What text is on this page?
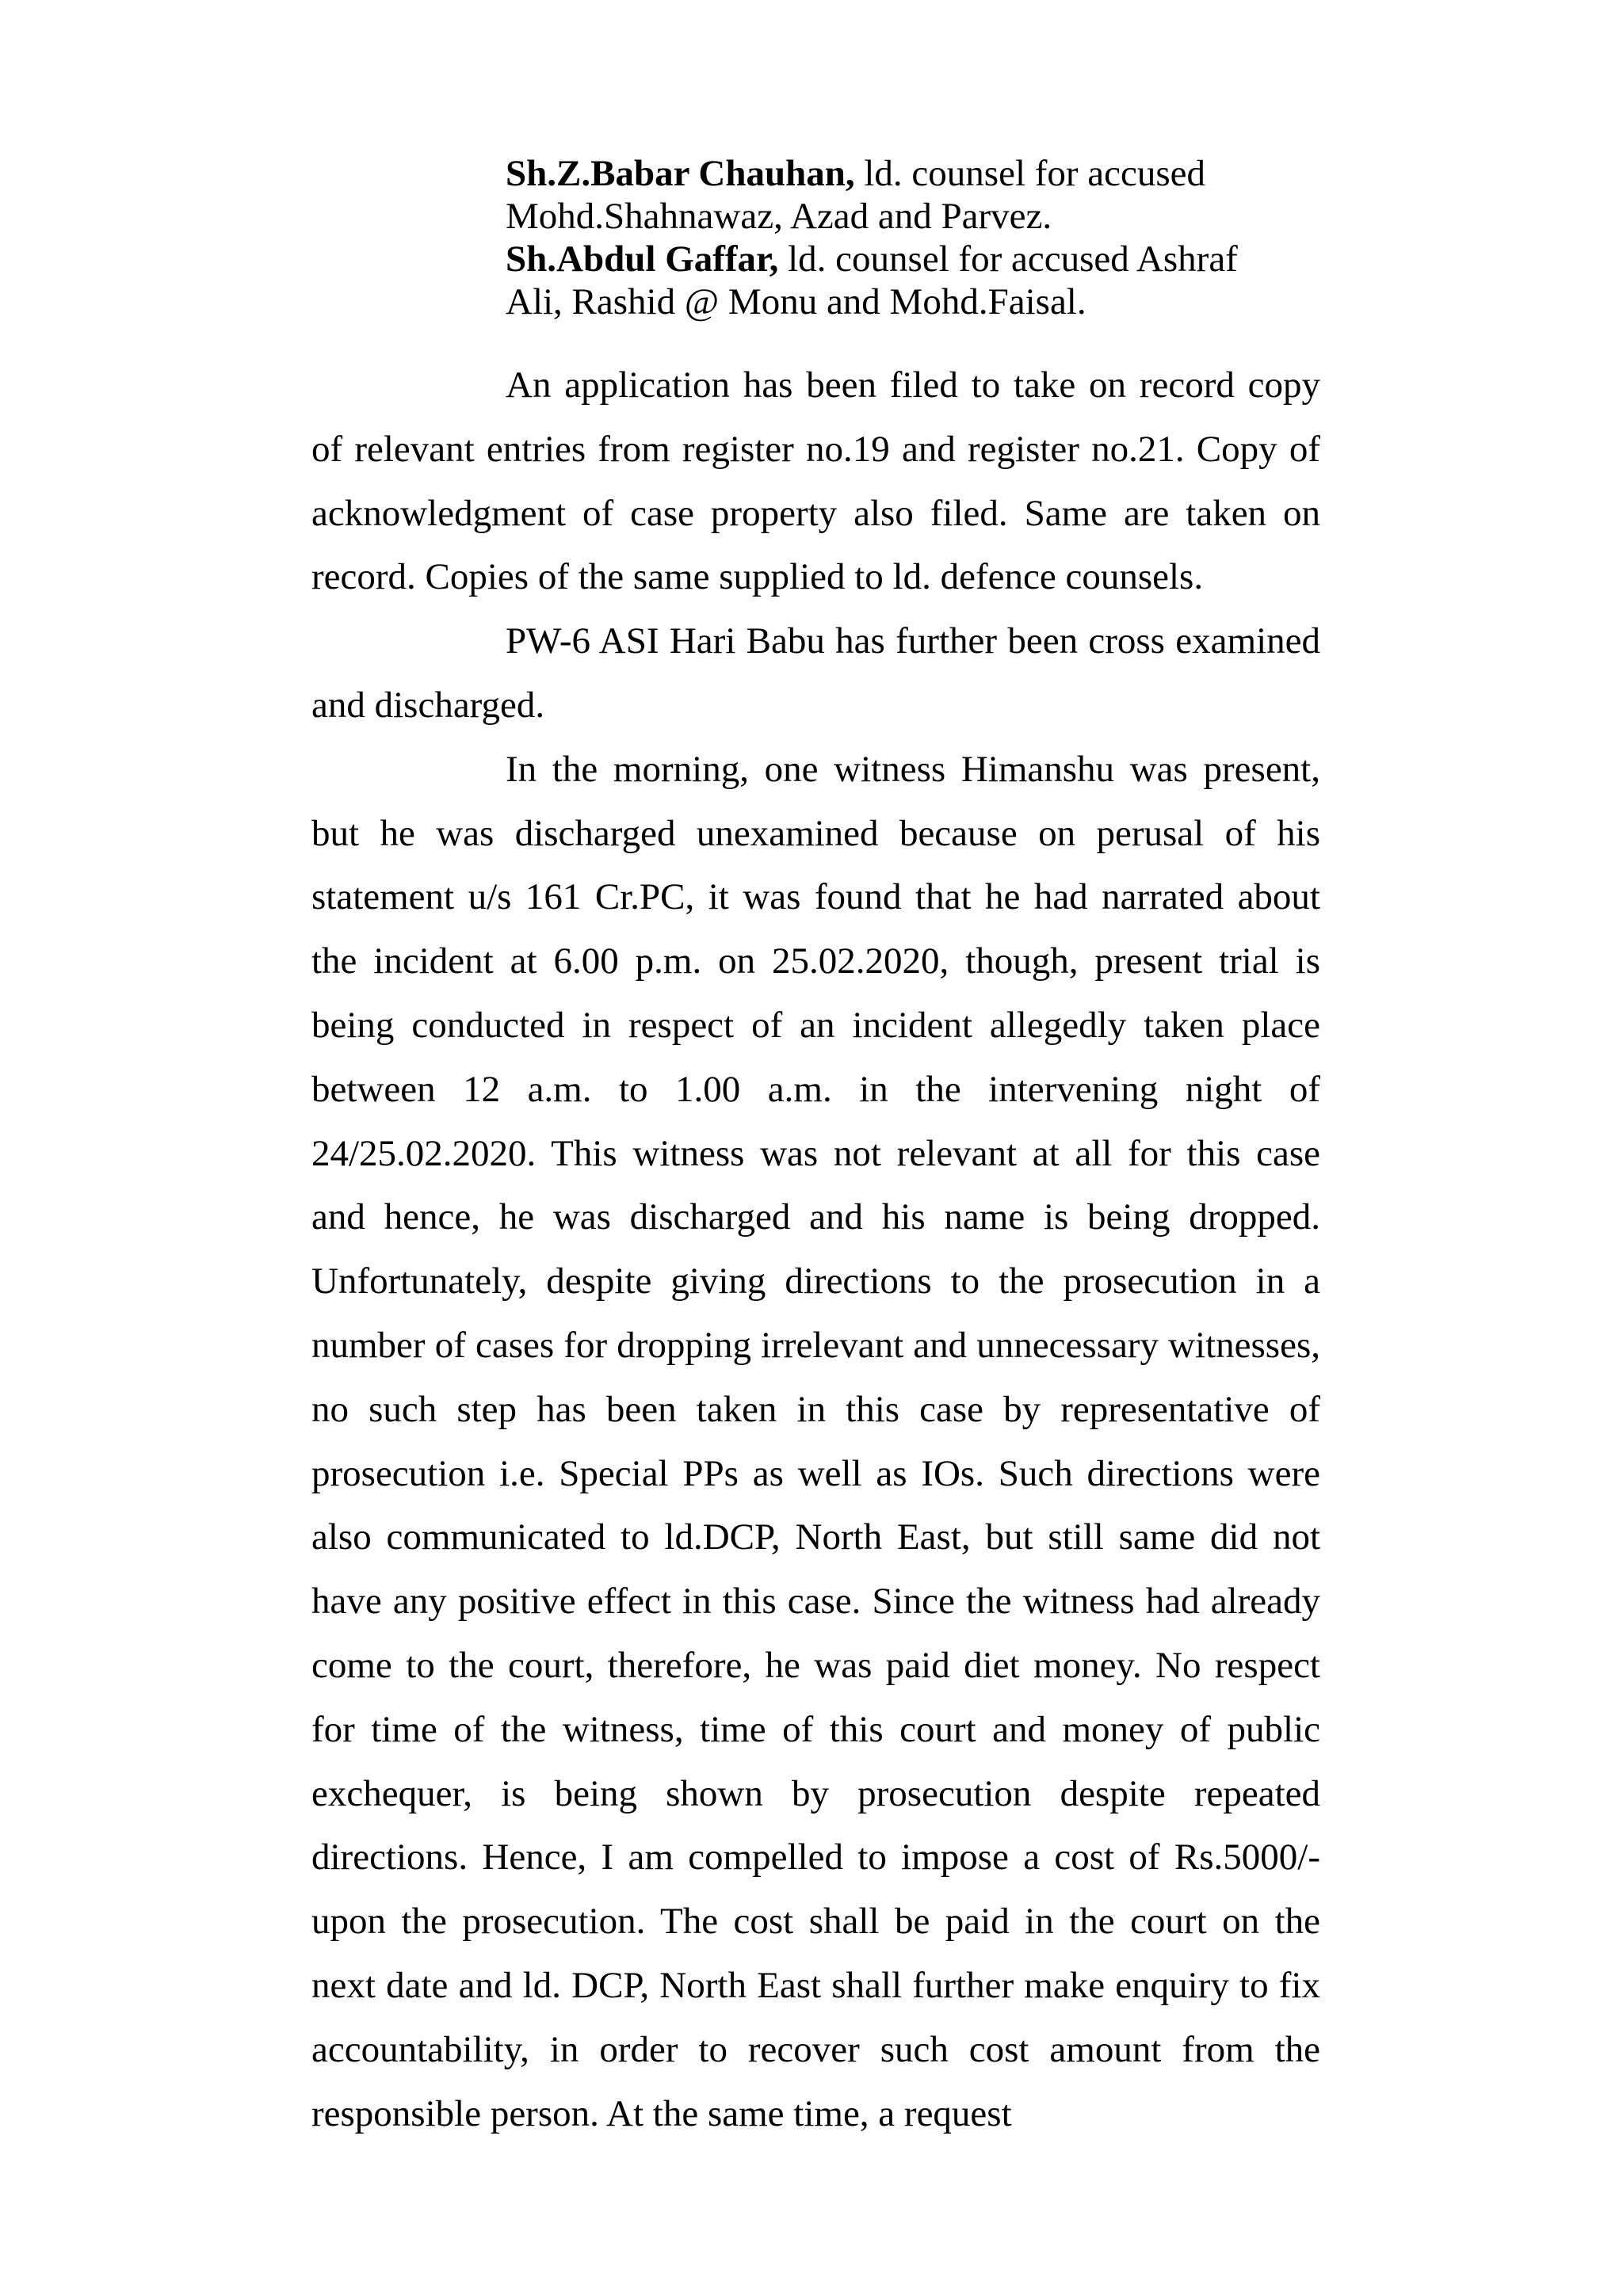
Sh.Z.Babar Chauhan, ld. counsel for accused
Mohd.Shahnawaz, Azad and Parvez.
Sh.Abdul Gaffar, ld. counsel for accused Ashraf
Ali, Rashid @ Monu and Mohd.Faisal.

An application has been filed to take on record copy of relevant entries from register no.19 and register no.21. Copy of acknowledgment of case property also filed. Same are taken on record. Copies of the same supplied to ld. defence counsels.

PW-6 ASI Hari Babu has further been cross examined and discharged.

In the morning, one witness Himanshu was present, but he was discharged unexamined because on perusal of his statement u/s 161 Cr.PC, it was found that he had narrated about the incident at 6.00 p.m. on 25.02.2020, though, present trial is being conducted in respect of an incident allegedly taken place between 12 a.m. to 1.00 a.m. in the intervening night of 24/25.02.2020. This witness was not relevant at all for this case and hence, he was discharged and his name is being dropped. Unfortunately, despite giving directions to the prosecution in a number of cases for dropping irrelevant and unnecessary witnesses, no such step has been taken in this case by representative of prosecution i.e. Special PPs as well as IOs. Such directions were also communicated to ld.DCP, North East, but still same did not have any positive effect in this case. Since the witness had already come to the court, therefore, he was paid diet money. No respect for time of the witness, time of this court and money of public exchequer, is being shown by prosecution despite repeated directions. Hence, I am compelled to impose a cost of Rs.5000/- upon the prosecution. The cost shall be paid in the court on the next date and ld. DCP, North East shall further make enquiry to fix accountability, in order to recover such cost amount from the responsible person. At the same time, a request
